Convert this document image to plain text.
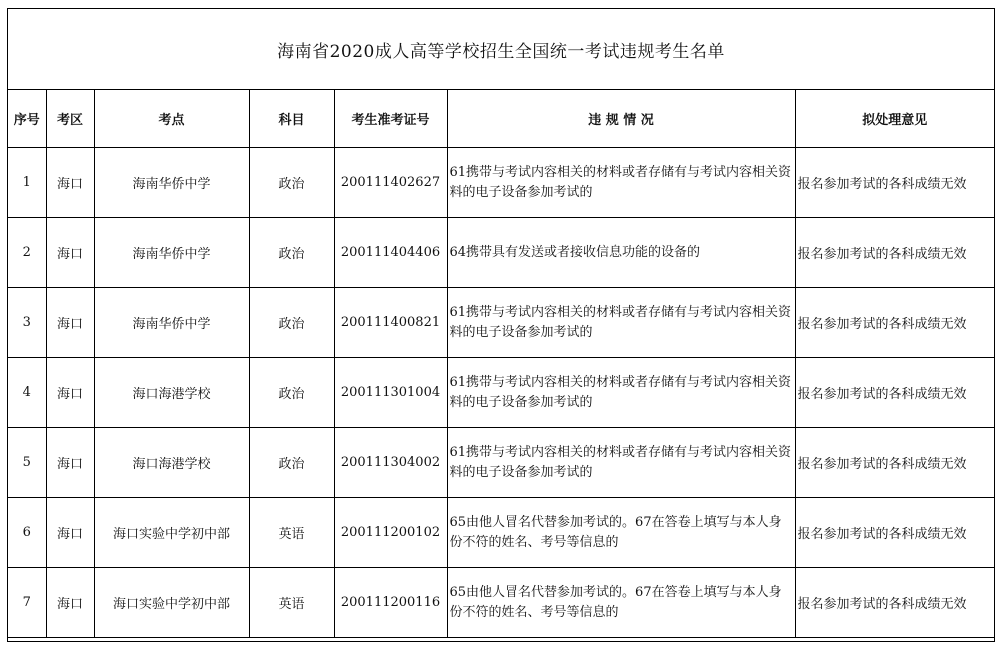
海南省2020成人高等学校招生全国统一考试违规考生名单
序号	考区	考点	科目	考生准考证号	违 规 情 况	拟处理意见
1	海口	海南华侨中学	政治	200111402627	61携带与考试内容相关的材料或者存储有与考试内容相关资料的电子设备参加考试的	报名参加考试的各科成绩无效
2	海口	海南华侨中学	政治	200111404406	64携带具有发送或者接收信息功能的设备的	报名参加考试的各科成绩无效
3	海口	海南华侨中学	政治	200111400821	61携带与考试内容相关的材料或者存储有与考试内容相关资料的电子设备参加考试的	报名参加考试的各科成绩无效
4	海口	海口海港学校	政治	200111301004	61携带与考试内容相关的材料或者存储有与考试内容相关资料的电子设备参加考试的	报名参加考试的各科成绩无效
5	海口	海口海港学校	政治	200111304002	61携带与考试内容相关的材料或者存储有与考试内容相关资料的电子设备参加考试的	报名参加考试的各科成绩无效
6	海口	海口实验中学初中部	英语	200111200102	65由他人冒名代替参加考试的。67在答卷上填写与本人身份不符的姓名、考号等信息的	报名参加考试的各科成绩无效
7	海口	海口实验中学初中部	英语	200111200116	65由他人冒名代替参加考试的。67在答卷上填写与本人身份不符的姓名、考号等信息的	报名参加考试的各科成绩无效
